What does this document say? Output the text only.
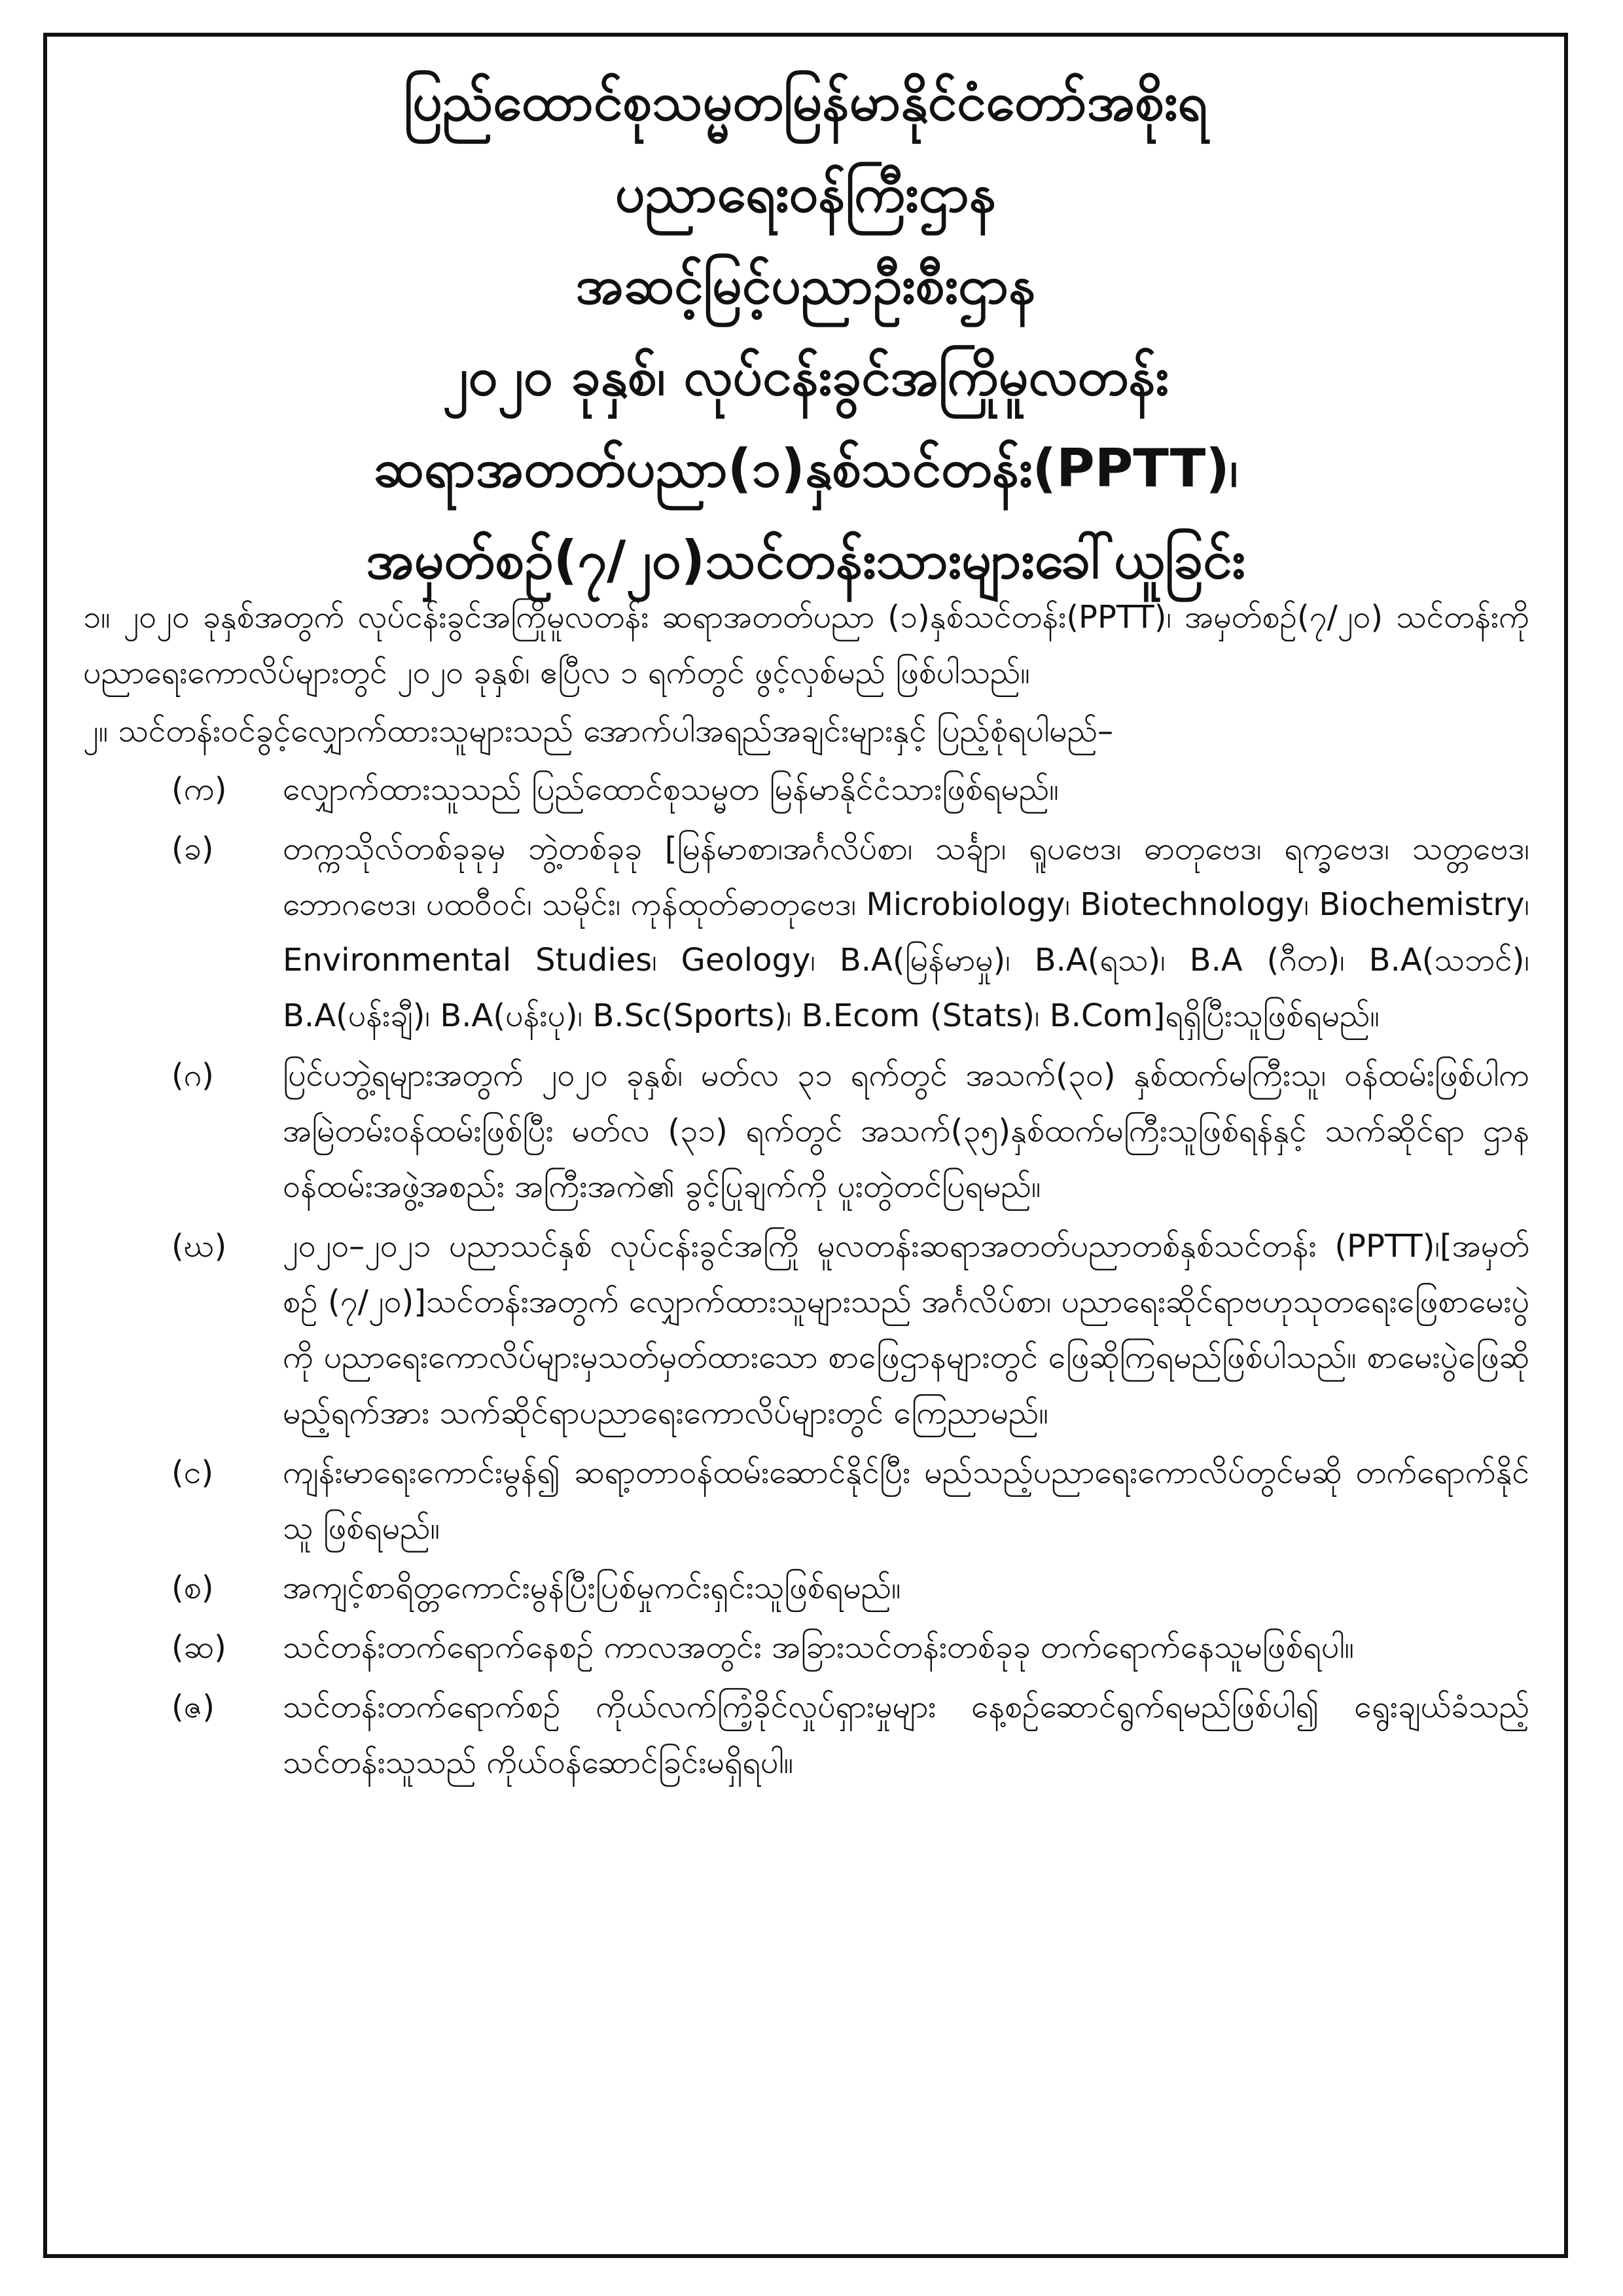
ပြည်ထောင်စုသမ္မတမြန်မာနိုင်ငံတော်အစိုးရ
ပညာရေးဝန်ကြီးဌာန
အဆင့်မြင့်ပညာဦးစီးဌာန
၂၀၂၀ ခုနှစ်၊ လုပ်ငန်းခွင်အကြိုမူလတန်း
ဆရာအတတ်ပညာ(၁)နှစ်သင်တန်း(PPTT)၊
အမှတ်စဉ်(၇/၂၀)သင်တန်းသားများခေါ်ယူခြင်း

၁။ ၂၀၂၀ ခုနှစ်အတွက် လုပ်ငန်းခွင်အကြိုမူလတန်း ဆရာအတတ်ပညာ (၁)နှစ်သင်တန်း(PPTT)၊ အမှတ်စဉ်(၇/၂၀) သင်တန်းကို ပညာရေးကောလိပ်များတွင် ၂၀၂၀ ခုနှစ်၊ ဧပြီလ ၁ ရက်တွင် ဖွင့်လှစ်မည် ဖြစ်ပါသည်။

၂။ သင်တန်းဝင်ခွင့်လျှောက်ထားသူများသည် အောက်ပါအရည်အချင်းများနှင့် ပြည့်စုံရပါမည်–

(က)	လျှောက်ထားသူသည် ပြည်ထောင်စုသမ္မတ မြန်မာနိုင်ငံသားဖြစ်ရမည်။
(ခ)	တက္ကသိုလ်တစ်ခုခုမှ ဘွဲ့တစ်ခုခု [မြန်မာစာ၊အင်္ဂလိပ်စာ၊ သင်္ချာ၊ ရူပဗေဒ၊ ဓာတုဗေဒ၊ ရက္ခဗေဒ၊ သတ္တဗေဒ၊ ဘောဂဗေဒ၊ ပထဝီဝင်၊ သမိုင်း၊ ကုန်ထုတ်ဓာတုဗေဒ၊ Microbiology၊ Biotechnology၊ Biochemistry၊ Environmental Studies၊ Geology၊ B.A(မြန်မာမှု)၊ B.A(ရသ)၊ B.A (ဂီတ)၊ B.A(သဘင်)၊ B.A(ပန်းချီ)၊ B.A(ပန်းပု)၊ B.Sc(Sports)၊ B.Ecom (Stats)၊ B.Com]ရရှိပြီးသူဖြစ်ရမည်။
(ဂ)	ပြင်ပဘွဲ့ရများအတွက် ၂၀၂၀ ခုနှစ်၊ မတ်လ ၃၁ ရက်တွင် အသက်(၃၀) နှစ်ထက်မကြီးသူ၊ ဝန်ထမ်းဖြစ်ပါက အမြဲတမ်းဝန်ထမ်းဖြစ်ပြီး မတ်လ (၃၁) ရက်တွင် အသက်(၃၅)နှစ်ထက်မကြီးသူဖြစ်ရန်နှင့် သက်ဆိုင်ရာ ဌာန ဝန်ထမ်းအဖွဲ့အစည်း အကြီးအကဲ၏ ခွင့်ပြုချက်ကို ပူးတွဲတင်ပြရမည်။
(ဃ)	၂၀၂၀–၂၀၂၁ ပညာသင်နှစ် လုပ်ငန်းခွင်အကြို မူလတန်းဆရာအတတ်ပညာတစ်နှစ်သင်တန်း (PPTT)၊[အမှတ်စဉ် (၇/၂၀)]သင်တန်းအတွက် လျှောက်ထားသူများသည် အင်္ဂလိပ်စာ၊ ပညာရေးဆိုင်ရာဗဟုသုတရေးဖြေစာမေးပွဲကို ပညာရေးကောလိပ်များမှသတ်မှတ်ထားသော စာဖြေဌာနများတွင် ဖြေဆိုကြရမည်ဖြစ်ပါသည်။ စာမေးပွဲဖြေဆိုမည့်ရက်အား သက်ဆိုင်ရာပညာရေးကောလိပ်များတွင် ကြေညာမည်။
(င)	ကျန်းမာရေးကောင်းမွန်၍ ဆရာ့တာဝန်ထမ်းဆောင်နိုင်ပြီး မည်သည့်ပညာရေးကောလိပ်တွင်မဆို တက်ရောက်နိုင်သူ ဖြစ်ရမည်။
(စ)	အကျင့်စာရိတ္တကောင်းမွန်ပြီးပြစ်မှုကင်းရှင်းသူဖြစ်ရမည်။
(ဆ)	သင်တန်းတက်ရောက်နေစဉ် ကာလအတွင်း အခြားသင်တန်းတစ်ခုခု တက်ရောက်နေသူမဖြစ်ရပါ။
(ဇ)	သင်တန်းတက်ရောက်စဉ် ကိုယ်လက်ကြံ့ခိုင်လှုပ်ရှားမှုများ နေ့စဉ်ဆောင်ရွက်ရမည်ဖြစ်ပါ၍ ရွေးချယ်ခံသည့် သင်တန်းသူသည် ကိုယ်ဝန်ဆောင်ခြင်းမရှိရပါ။
